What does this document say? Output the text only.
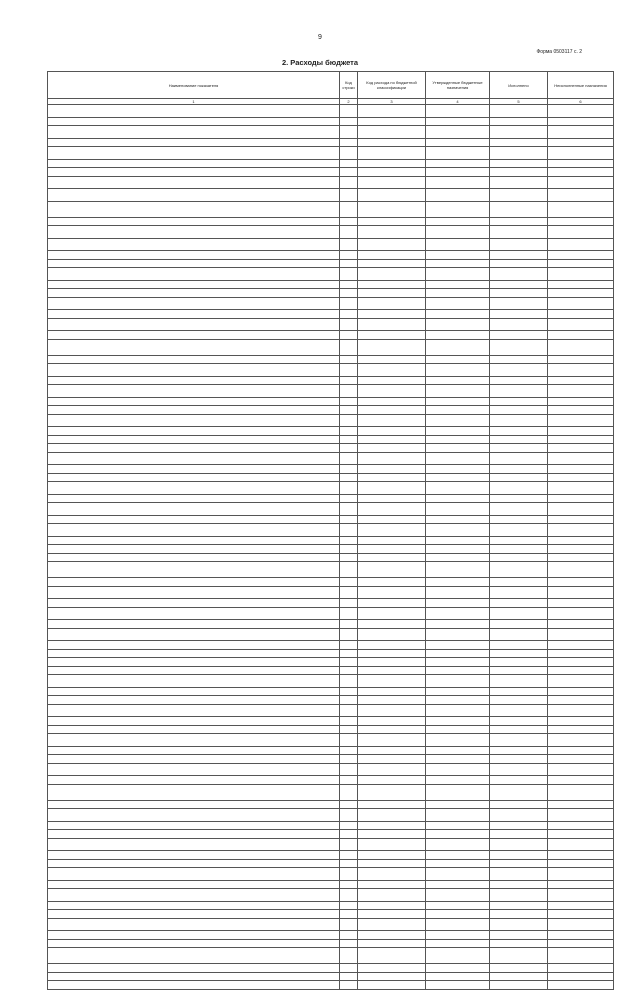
9
Форма 0503117 с. 2
2. Расходы бюджета
Наименование показателя	Код строки	Код расхода по бюджетной классификации	Утвержденные бюджетные назначения	Исполнено	Неисполненные назначения
1	2	3	4	5	6
